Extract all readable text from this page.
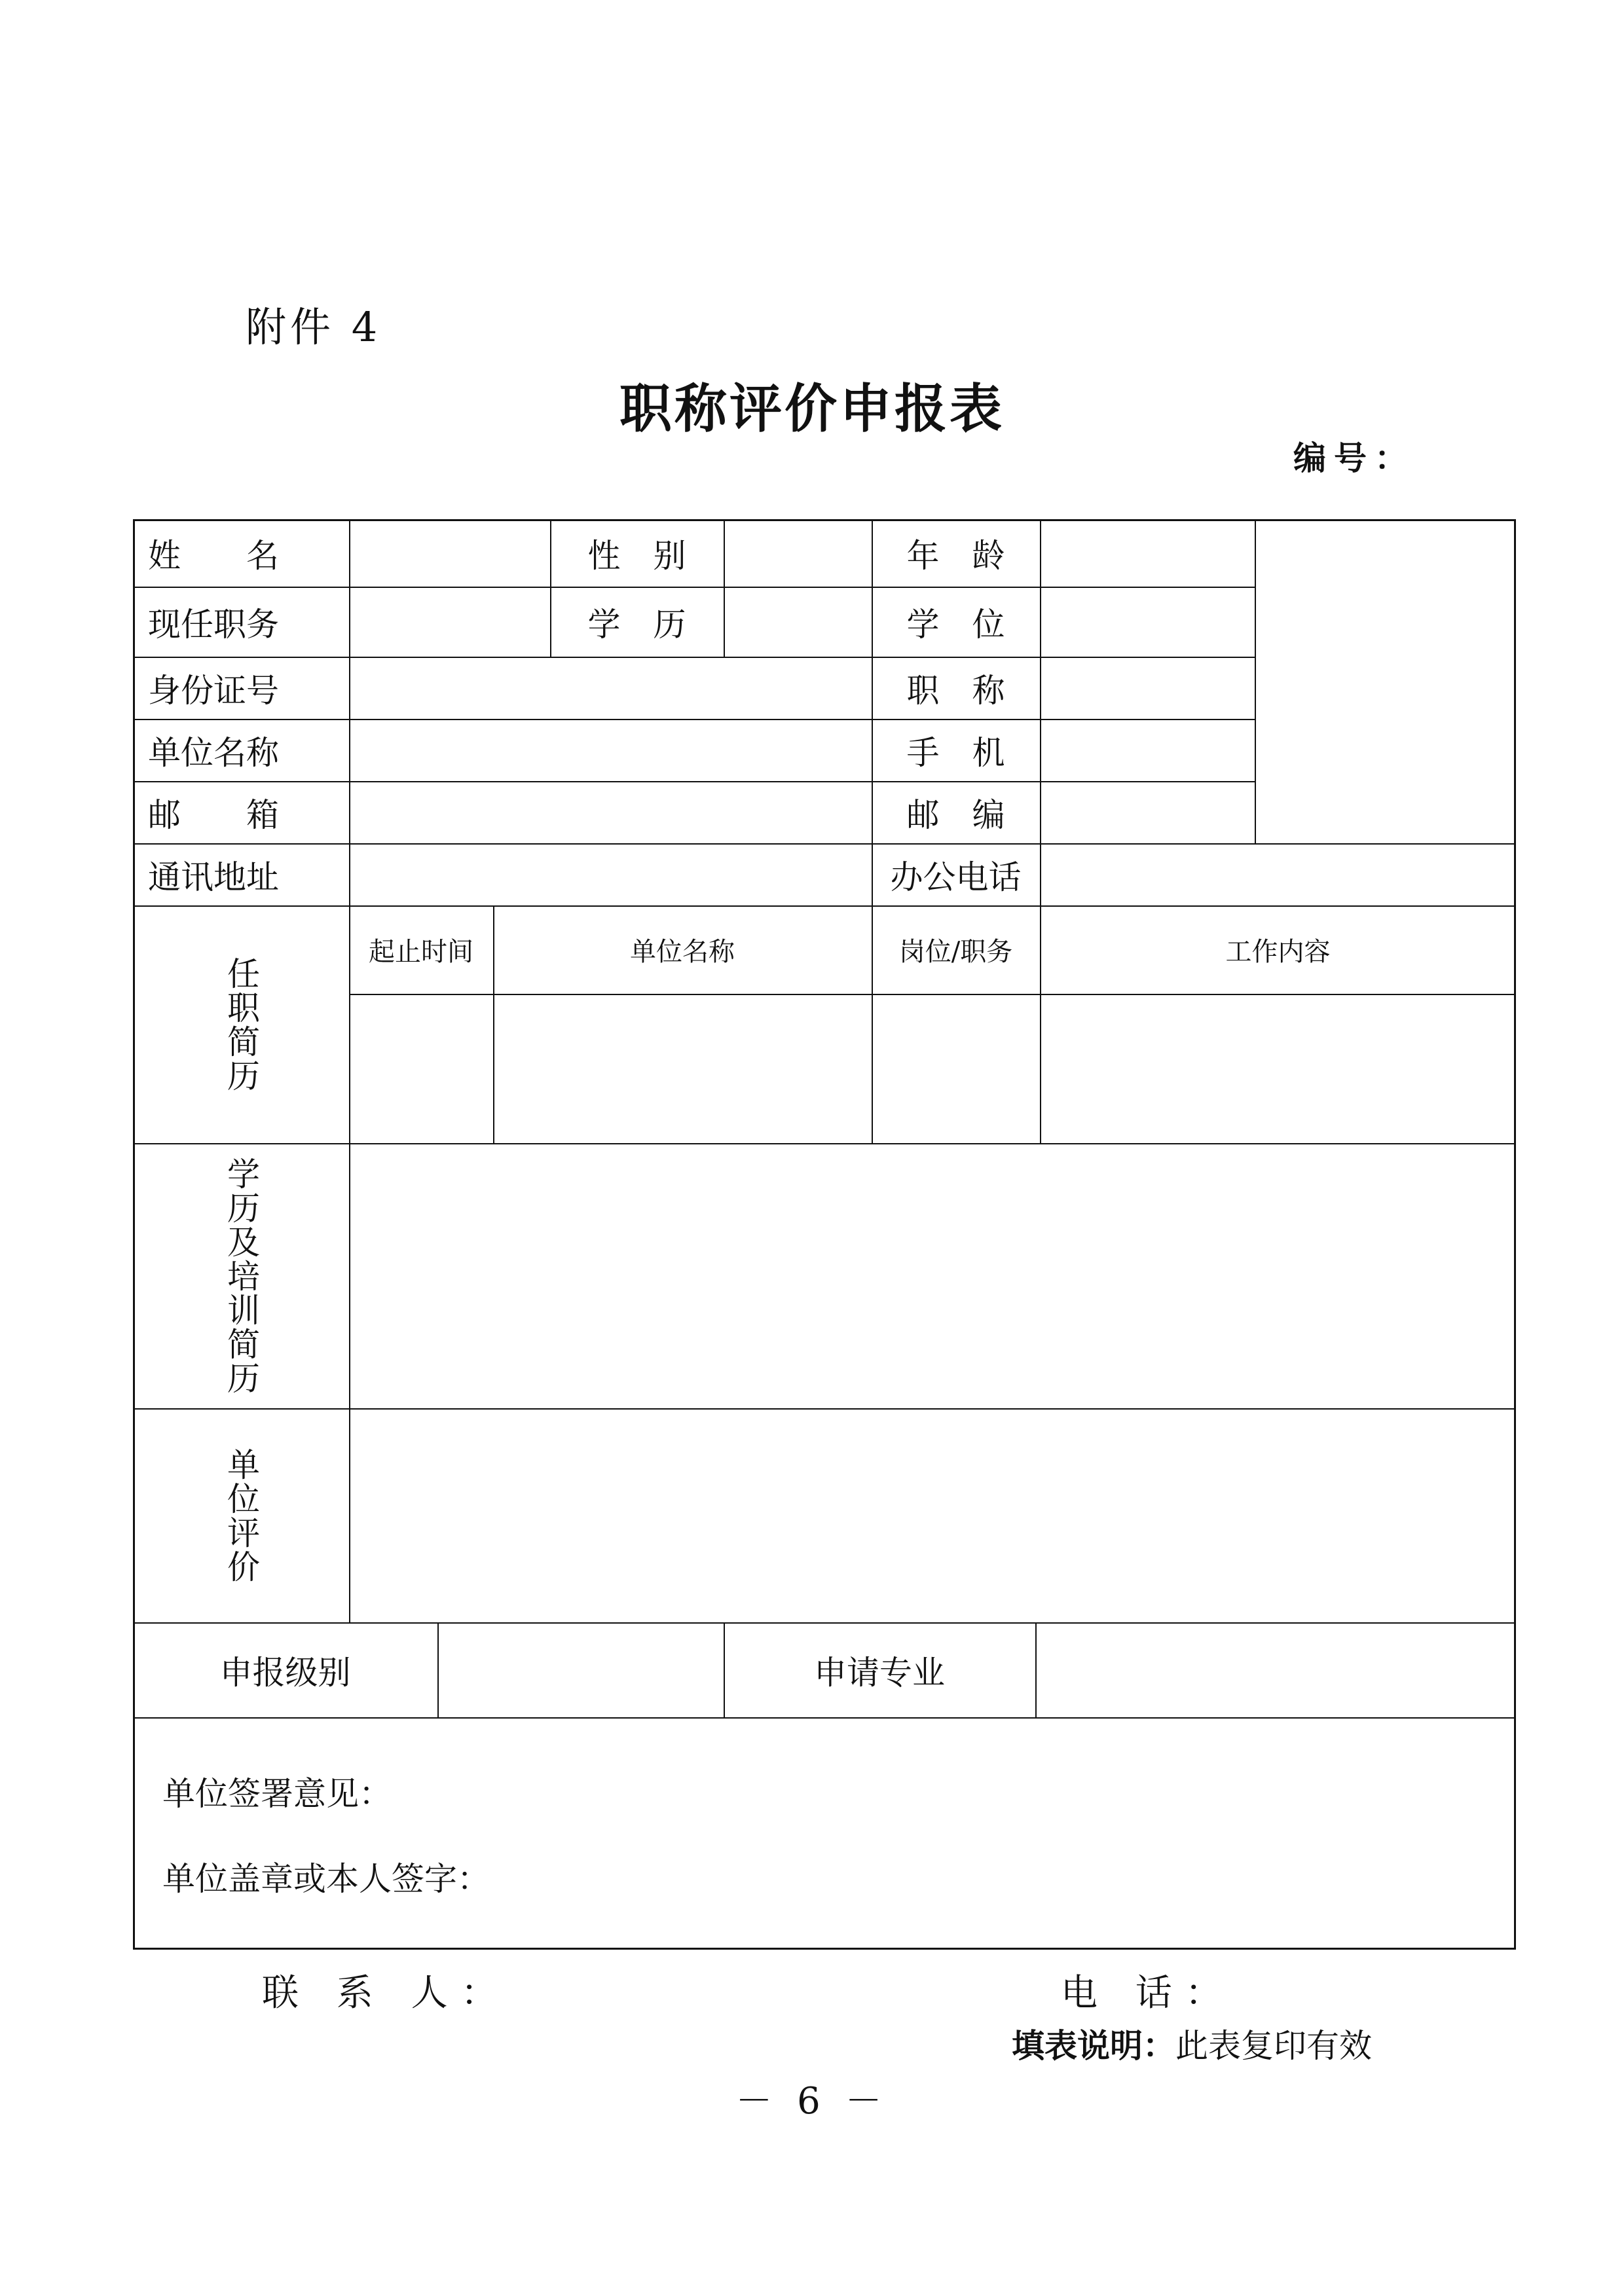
附件 4
职称评价申报表
编号：
姓　　名	性　别	年　龄
现任职务	学　历	学　位
身份证号	职　称
单位名称	手　机
邮　　箱	邮　编
通讯地址	办公电话
任职简历
起止时间	单位名称	岗位/职务	工作内容
学历及培训简历
单位评价
申报级别	申请专业
单位签署意见：
单位盖章或本人签字：
联 系 人：	电 话：
填表说明：此表复印有效
－ 6 －
